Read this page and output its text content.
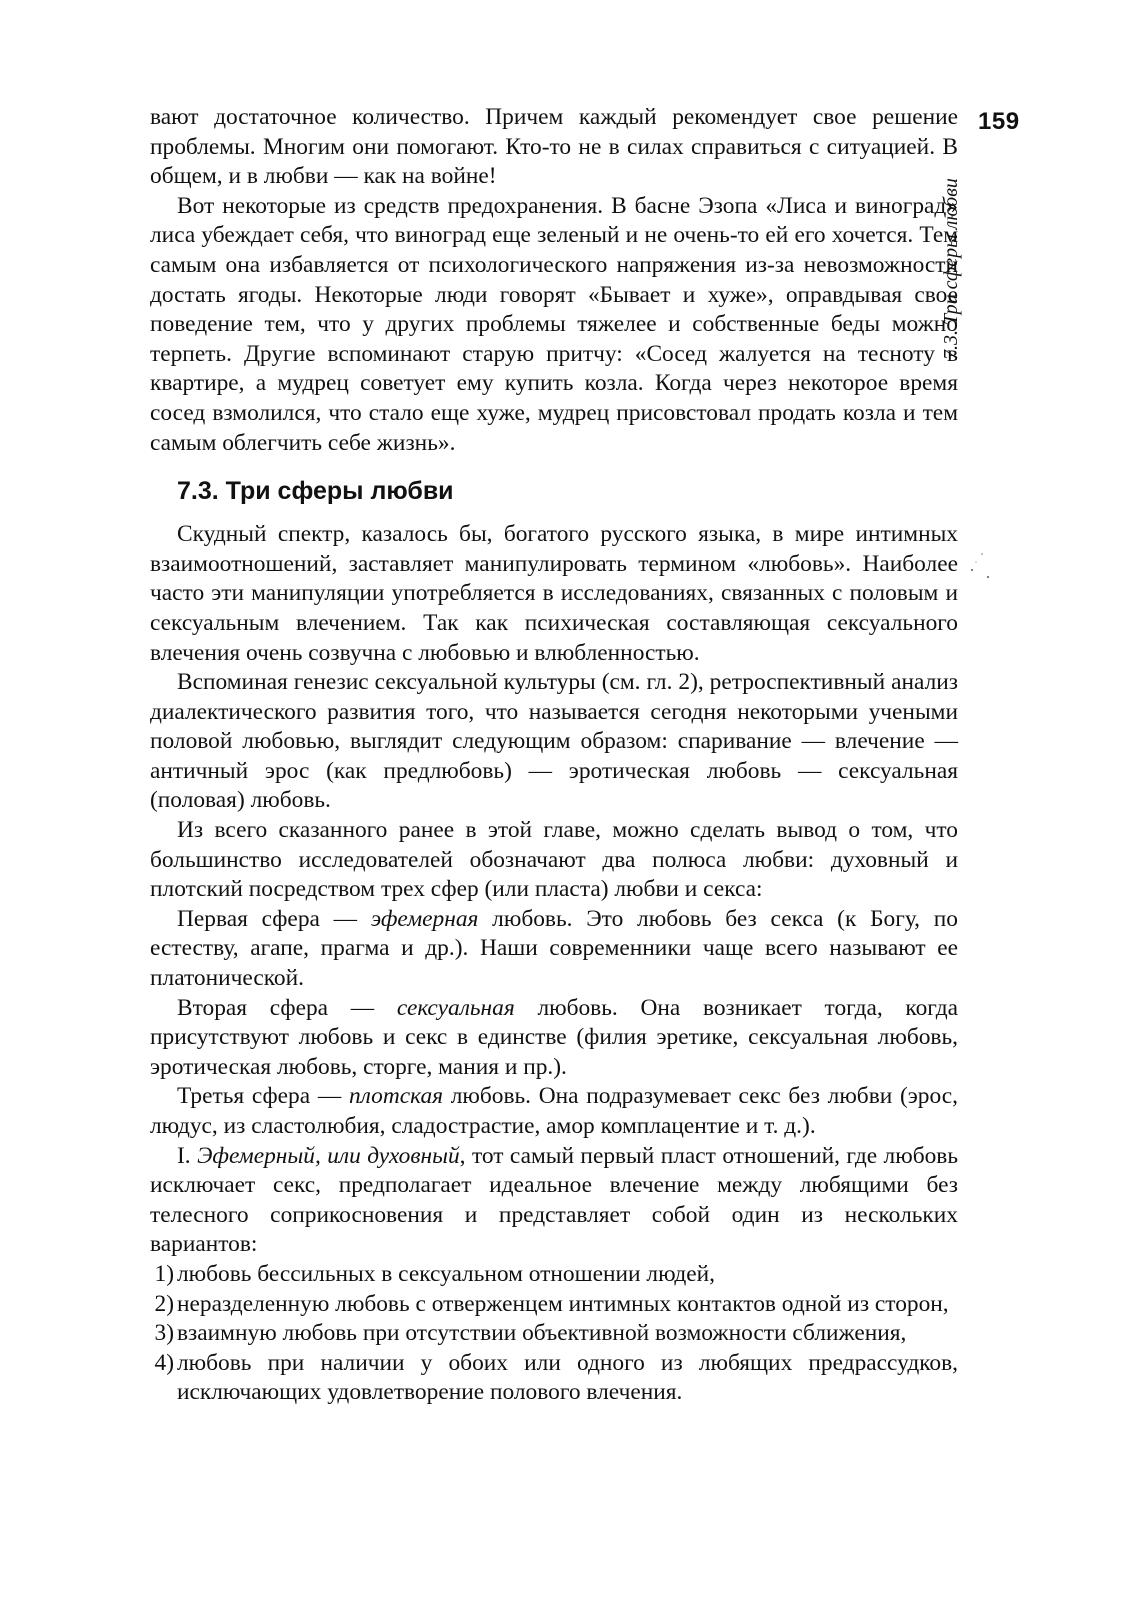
159
7.3. Три сферы любви

вают достаточное количество. Причем каждый рекомендует свое решение проблемы. Многим они помогают. Кто-то не в силах справиться с ситуацией. В общем, и в любви — как на войне!

Вот некоторые из средств предохранения. В басне Эзопа «Лиса и виноград» лиса убеждает себя, что виноград еще зеленый и не очень-то ей его хочется. Тем самым она избавляется от психологического напряжения из-за невозможности достать ягоды. Некоторые люди говорят «Бывает и хуже», оправдывая свое поведение тем, что у других проблемы тяжелее и собственные беды можно терпеть. Другие вспоминают старую притчу: «Сосед жалуется на тесноту в квартире, а мудрец советует ему купить козла. Когда через некоторое время сосед взмолился, что стало еще хуже, мудрец присовстовал продать козла и тем самым облегчить себе жизнь».

7.3. Три сферы любви

Скудный спектр, казалось бы, богатого русского языка, в мире интимных взаимоотношений, заставляет манипулировать термином «любовь». Наиболее часто эти манипуляции употребляется в исследованиях, связанных с половым и сексуальным влечением. Так как психическая составляющая сексуального влечения очень созвучна с любовью и влюбленностью.

Вспоминая генезис сексуальной культуры (см. гл. 2), ретроспективный анализ диалектического развития того, что называется сегодня некоторыми учеными половой любовью, выглядит следующим образом: спаривание — влечение — античный эрос (как предлюбовь) — эротическая любовь — сексуальная (половая) любовь.

Из всего сказанного ранее в этой главе, можно сделать вывод о том, что большинство исследователей обозначают два полюса любви: духовный и плотский посредством трех сфер (или пласта) любви и секса:

Первая сфера — эфемерная любовь. Это любовь без секса (к Богу, по естеству, агапе, прагма и др.). Наши современники чаще всего называют ее платонической.

Вторая сфера — сексуальная любовь. Она возникает тогда, когда присутствуют любовь и секс в единстве (филия эретике, сексуальная любовь, эротическая любовь, сторге, мания и пр.).

Третья сфера — плотская любовь. Она подразумевает секс без любви (эрос, людус, из сластолюбия, сладострастие, амор комплацентие и т. д.).

I. Эфемерный, или духовный, тот самый первый пласт отношений, где любовь исключает секс, предполагает идеальное влечение между любящими без телесного соприкосновения и представляет собой один из нескольких вариантов:

1) любовь бессильных в сексуальном отношении людей,
2) неразделенную любовь с отверженцем интимных контактов одной из сторон,
3) взаимную любовь при отсутствии объективной возможности сближения,
4) любовь при наличии у обоих или одного из любящих предрассудков, исключающих удовлетворение полового влечения.
